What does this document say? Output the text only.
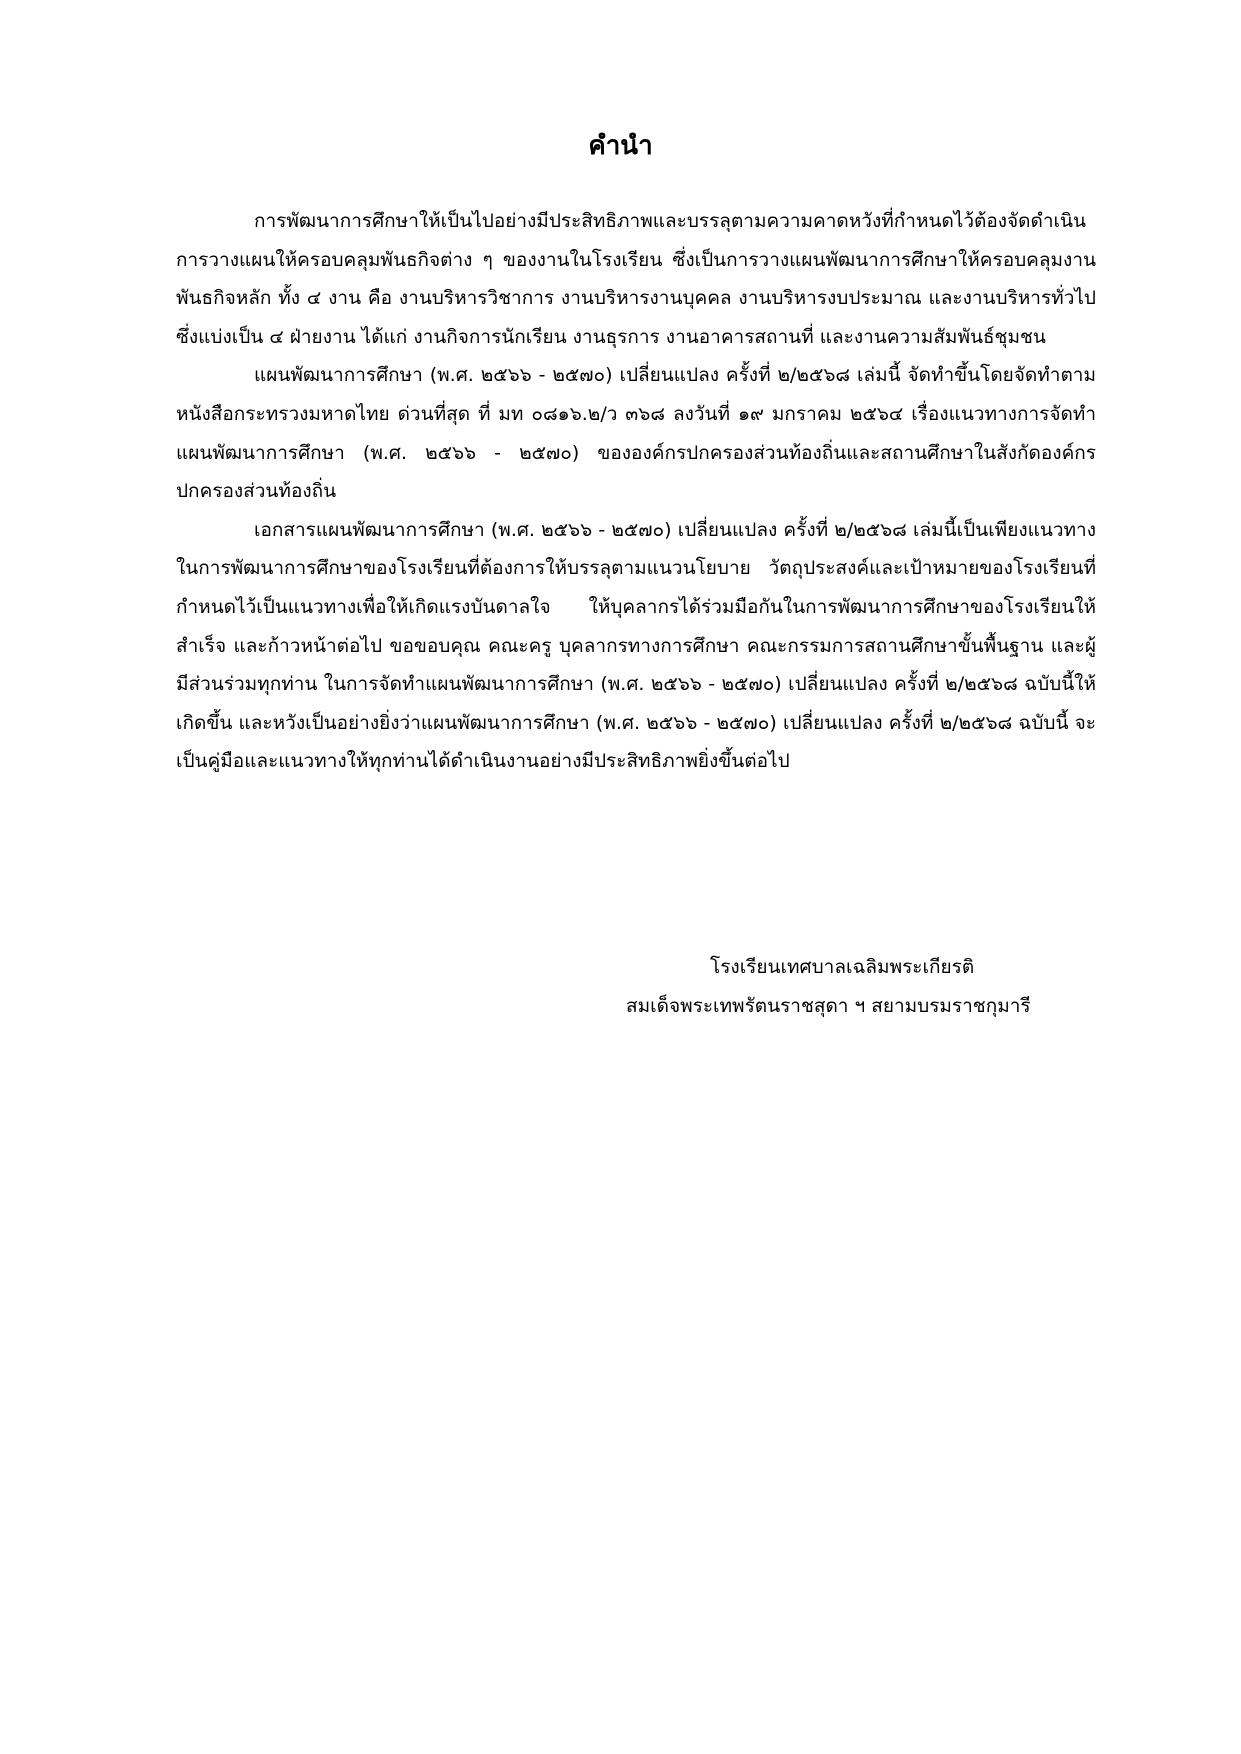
คำนำ

การพัฒนาการศึกษาให้เป็นไปอย่างมีประสิทธิภาพและบรรลุตามความคาดหวังที่กำหนดไว้ต้องจัดดำเนินการวางแผนให้ครอบคลุมพันธกิจต่าง ๆ ของงานในโรงเรียน ซึ่งเป็นการวางแผนพัฒนาการศึกษาให้ครอบคลุมงานพันธกิจหลัก ทั้ง ๔ งาน คือ งานบริหารวิชาการ งานบริหารงานบุคคล งานบริหารงบประมาณ และงานบริหารทั่วไป ซึ่งแบ่งเป็น ๔ ฝ่ายงาน ได้แก่ งานกิจการนักเรียน งานธุรการ งานอาคารสถานที่ และงานความสัมพันธ์ชุมชน

แผนพัฒนาการศึกษา (พ.ศ. ๒๕๖๖ - ๒๕๗๐) เปลี่ยนแปลง ครั้งที่ ๒/๒๕๖๘ เล่มนี้ จัดทำขึ้นโดยจัดทำตามหนังสือกระทรวงมหาดไทย ด่วนที่สุด ที่ มท ๐๘๑๖.๒/ว ๓๖๘ ลงวันที่ ๑๙ มกราคม ๒๕๖๔ เรื่องแนวทางการจัดทำแผนพัฒนาการศึกษา (พ.ศ. ๒๕๖๖ - ๒๕๗๐) ขององค์กรปกครองส่วนท้องถิ่นและสถานศึกษาในสังกัดองค์กรปกครองส่วนท้องถิ่น

เอกสารแผนพัฒนาการศึกษา (พ.ศ. ๒๕๖๖ - ๒๕๗๐) เปลี่ยนแปลง ครั้งที่ ๒/๒๕๖๘ เล่มนี้เป็นเพียงแนวทางในการพัฒนาการศึกษาของโรงเรียนที่ต้องการให้บรรลุตามแนวนโยบาย วัตถุประสงค์และเป้าหมายของโรงเรียนที่กำหนดไว้เป็นแนวทางเพื่อให้เกิดแรงบันดาลใจ ให้บุคลากรได้ร่วมมือกันในการพัฒนาการศึกษาของโรงเรียนให้สำเร็จ และก้าวหน้าต่อไป ขอขอบคุณ คณะครู บุคลากรทางการศึกษา คณะกรรมการสถานศึกษาขั้นพื้นฐาน และผู้มีส่วนร่วมทุกท่าน ในการจัดทำแผนพัฒนาการศึกษา (พ.ศ. ๒๕๖๖ - ๒๕๗๐) เปลี่ยนแปลง ครั้งที่ ๒/๒๕๖๘ ฉบับนี้ให้เกิดขึ้น และหวังเป็นอย่างยิ่งว่าแผนพัฒนาการศึกษา (พ.ศ. ๒๕๖๖ - ๒๕๗๐) เปลี่ยนแปลง ครั้งที่ ๒/๒๕๖๘ ฉบับนี้ จะเป็นคู่มือและแนวทางให้ทุกท่านได้ดำเนินงานอย่างมีประสิทธิภาพยิ่งขึ้นต่อไป

โรงเรียนเทศบาลเฉลิมพระเกียรติ
สมเด็จพระเทพรัตนราชสุดา ฯ สยามบรมราชกุมารี
